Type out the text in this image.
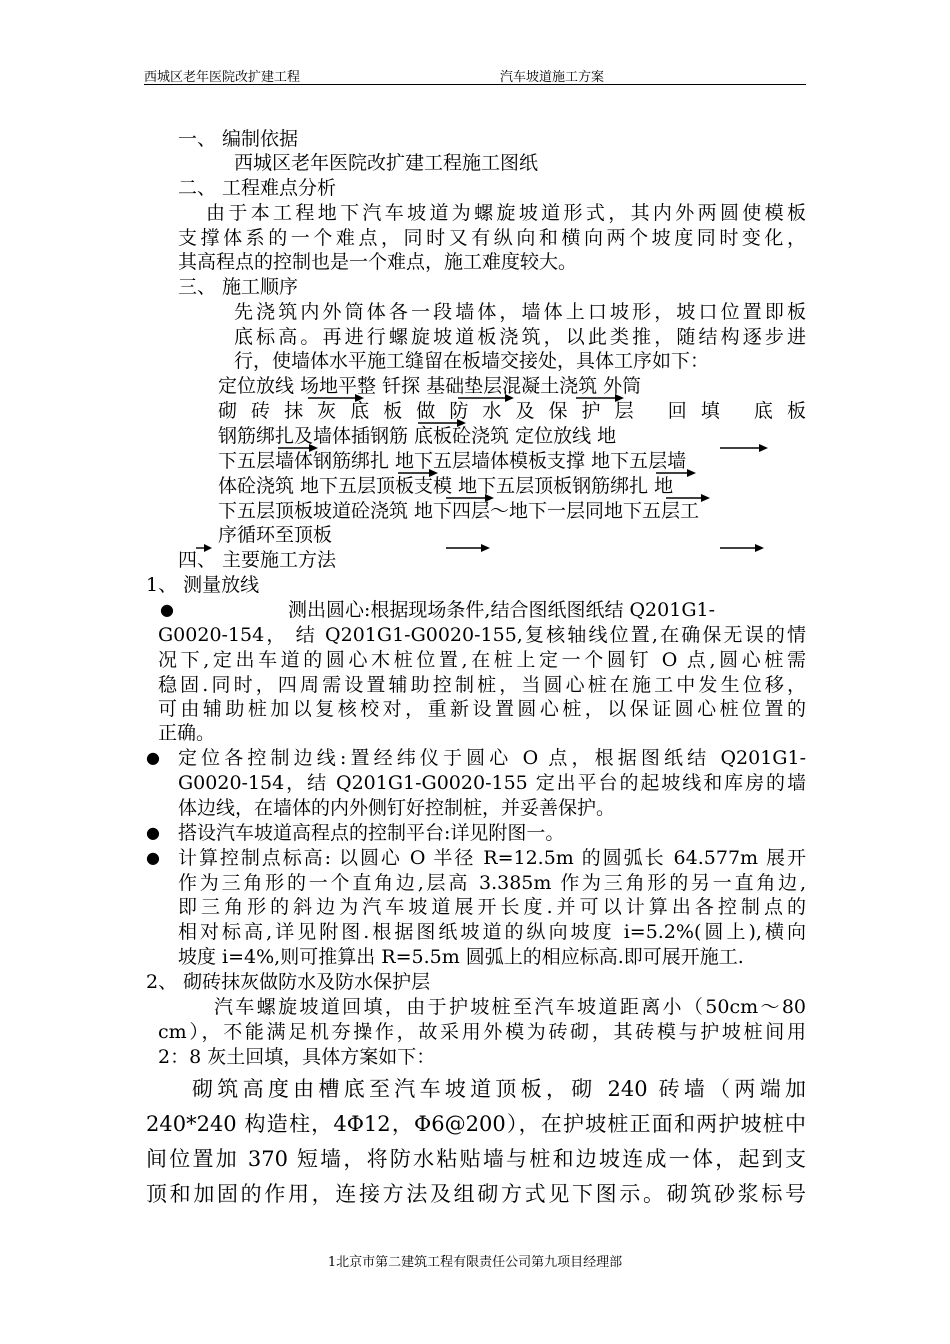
西城区老年医院改扩建工程	汽车坡道施工方案
一、 编制依据
西城区老年医院改扩建工程施工图纸
二、 工程难点分析
由于本工程地下汽车坡道为螺旋坡道形式，其内外两圆使模板
支撑体系的一个难点，同时又有纵向和横向两个坡度同时变化，
其高程点的控制也是一个难点，施工难度较大。
三、 施工顺序
先浇筑内外筒体各一段墙体，墙体上口坡形，坡口位置即板
底标高。再进行螺旋坡道板浇筑，以此类推，随结构逐步进
行，使墙体水平施工缝留在板墙交接处，具体工序如下：
定位放线 场地平整 钎探 基础垫层混凝土浇筑 外筒
砌砖抹灰底板做防水及保护层 回填 底板
钢筋绑扎及墙体插钢筋 底板砼浇筑 定位放线 地
下五层墙体钢筋绑扎 地下五层墙体模板支撑 地下五层墙
体砼浇筑 地下五层顶板支模 地下五层顶板钢筋绑扎 地
下五层顶板坡道砼浇筑 地下四层～地下一层同地下五层工
序循环至顶板
四、 主要施工方法
1、 测量放线
●	测出圆心:根据现场条件,结合图纸图纸结 Q201G1-
G0020-154， 结 Q201G1-G0020-155,复核轴线位置,在确保无误的情
况下,定出车道的圆心木桩位置,在桩上定一个圆钉 O 点,圆心桩需
稳固.同时，四周需设置辅助控制桩，当圆心桩在施工中发生位移，
可由辅助桩加以复核校对，重新设置圆心桩，以保证圆心桩位置的
正确。
● 定位各控制边线:置经纬仪于圆心 O 点，根据图纸结 Q201G1-
G0020-154，结 Q201G1-G0020-155 定出平台的起坡线和库房的墙
体边线，在墙体的内外侧钉好控制桩，并妥善保护。
● 搭设汽车坡道高程点的控制平台:详见附图一。
● 计算控制点标高: 以圆心 O 半径 R=12.5m 的圆弧长 64.577m 展开
作为三角形的一个直角边,层高 3.385m 作为三角形的另一直角边,
即三角形的斜边为汽车坡道展开长度.并可以计算出各控制点的
相对标高,详见附图.根据图纸坡道的纵向坡度 i=5.2%(圆上),横向
坡度 i=4%,则可推算出 R=5.5m 圆弧上的相应标高.即可展开施工.
2、 砌砖抹灰做防水及防水保护层
汽车螺旋坡道回填，由于护坡桩至汽车坡道距离小（50cm～80
cm），不能满足机夯操作，故采用外模为砖砌，其砖模与护坡桩间用
2：8 灰土回填，具体方案如下：
砌筑高度由槽底至汽车坡道顶板，砌 240 砖墙（两端加
240*240 构造柱，4Φ12，Φ6@200），在护坡桩正面和两护坡桩中
间位置加 370 短墙，将防水粘贴墙与桩和边坡连成一体，起到支
顶和加固的作用，连接方法及组砌方式见下图示。砌筑砂浆标号
1北京市第二建筑工程有限责任公司第九项目经理部
